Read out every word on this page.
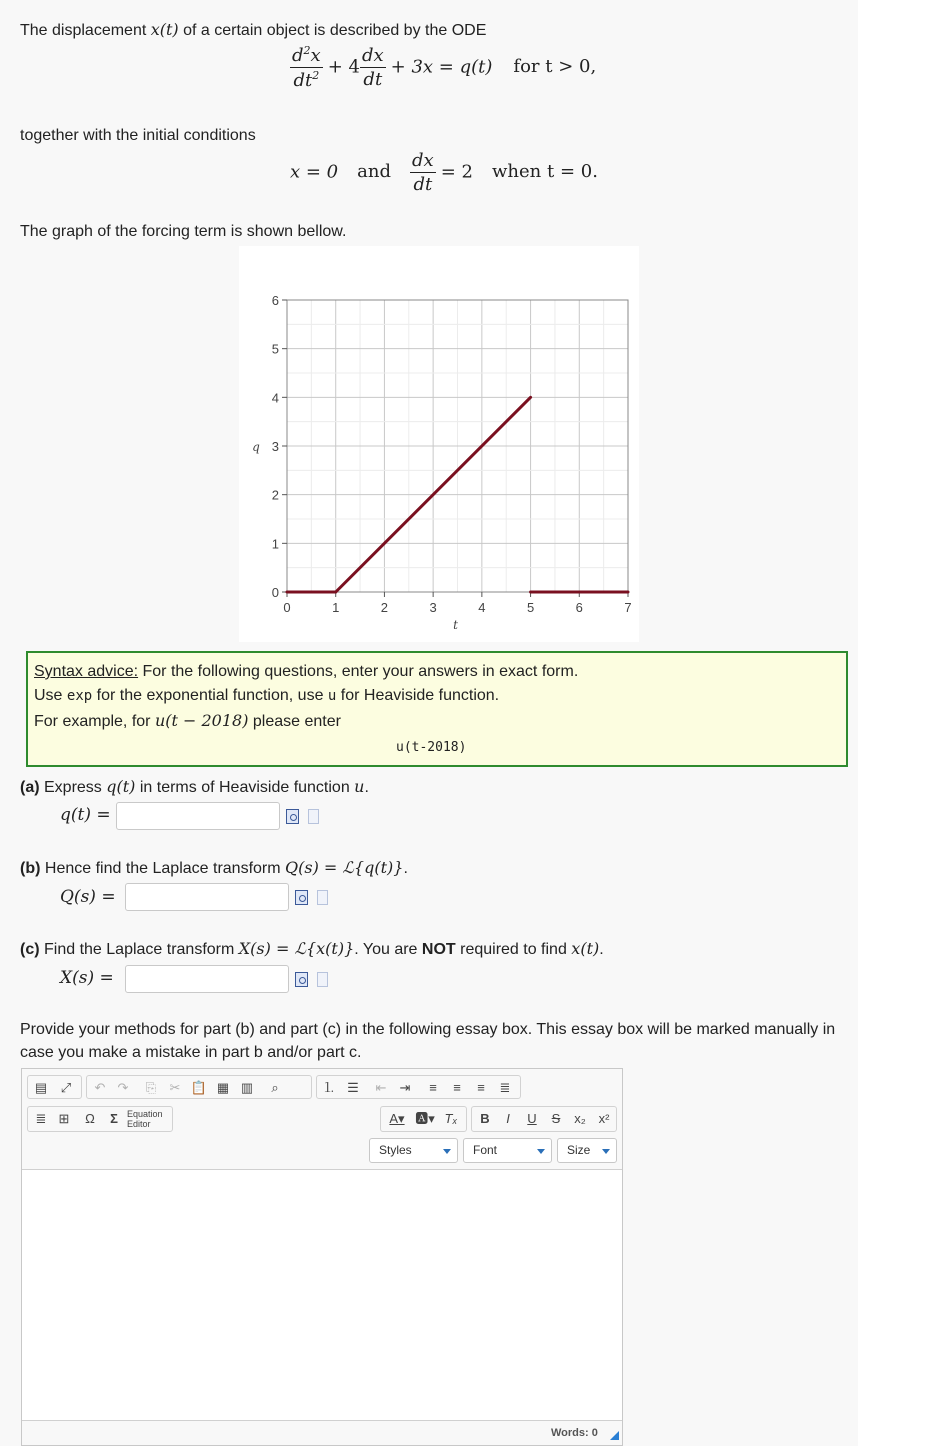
The displacement x(t) of a certain object is described by the ODE
$\frac{d^2x}{dt^2} + 4 \frac{dx}{dt} + 3x = q(t)$ for t > 0,
together with the initial conditions
x = 0 and $\frac{dx}{dt} = 2$ when t = 0.
The graph of the forcing term is shown bellow.
0	1	2	3	4	5	6	7
0
1
2
3
4
5
6
t
q
Syntax advice: For the following questions, enter your answers in exact form.
Use exp for the exponential function, use u for Heaviside function.
For example, for u(t − 2018) please enter
u(t-2018)
(a) Express q(t) in terms of Heaviside function u.
q(t) =
(b) Hence find the Laplace transform Q(s) = ℒ{q(t)}.
Q(s) =
(c) Find the Laplace transform X(s) = ℒ{x(t)}. You are NOT required to find x(t).
X(s) =
Provide your methods for part (b) and part (c) in the following essay box. This essay box will be marked manually in
case you make a mistake in part b and/or part c.
▤	⤢	↶ ↷	⎘	✂ 📋 ▦ ▥	⌕	⒈ ☰	⇤	⇥	≡	≡	≡	≣
≣ ⊞	Ω	Σ	Equation
Editor	A▾ 🅰▾ Tₓ	B	I	U	S	x₂ x²
Styles	Font	Size
Words: 0
